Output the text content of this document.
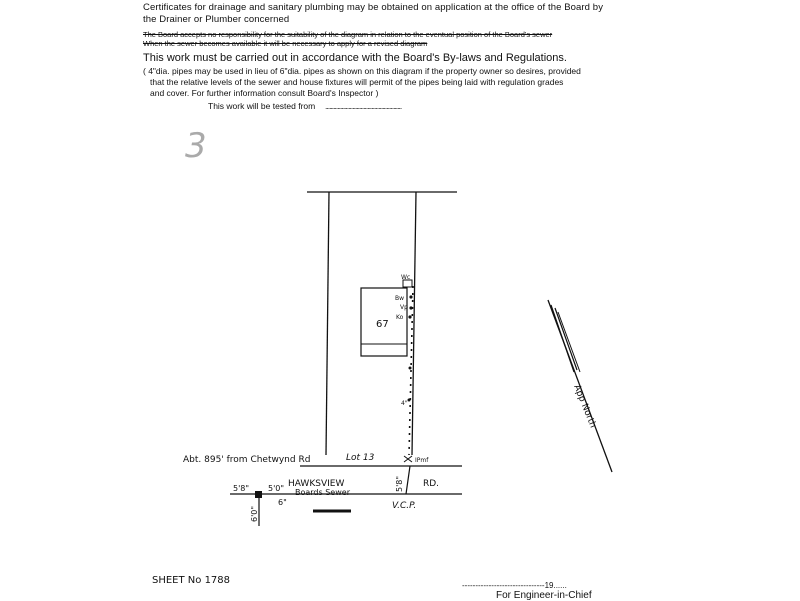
Certificates for drainage and sanitary plumbing may be obtained on application at the office of the Board by
the Drainer or Plumber concerned
The Board accepts no responsibility for the suitability of the diagram in relation to the eventual position of the Board's sewer
When the sewer becomes available it will be necessary to apply for a revised diagram
This work must be carried out in accordance with the Board's By-laws and Regulations.
( 4"dia. pipes may be used in lieu of 6"dia. pipes as shown on this diagram if the property owner so desires, provided
that the relative levels of the sewer and house fixtures will permit of the pipes being laid with regulation grades
and cover. For further information consult Board's Inspector )
This work will be tested from ........................................................
3
67
Wc
Bw
Vp
Ko
4"
IPmf
Abt. 895' from Chetwynd Rd	Lot 13
HAWKSVIEW	RD.
Boards Sewer
5'8"
V.C.P.
5'8" 5'0"
6"
6'0"
App North
SHEET No 1788	-------------------------------19......
For Engineer-in-Chief
